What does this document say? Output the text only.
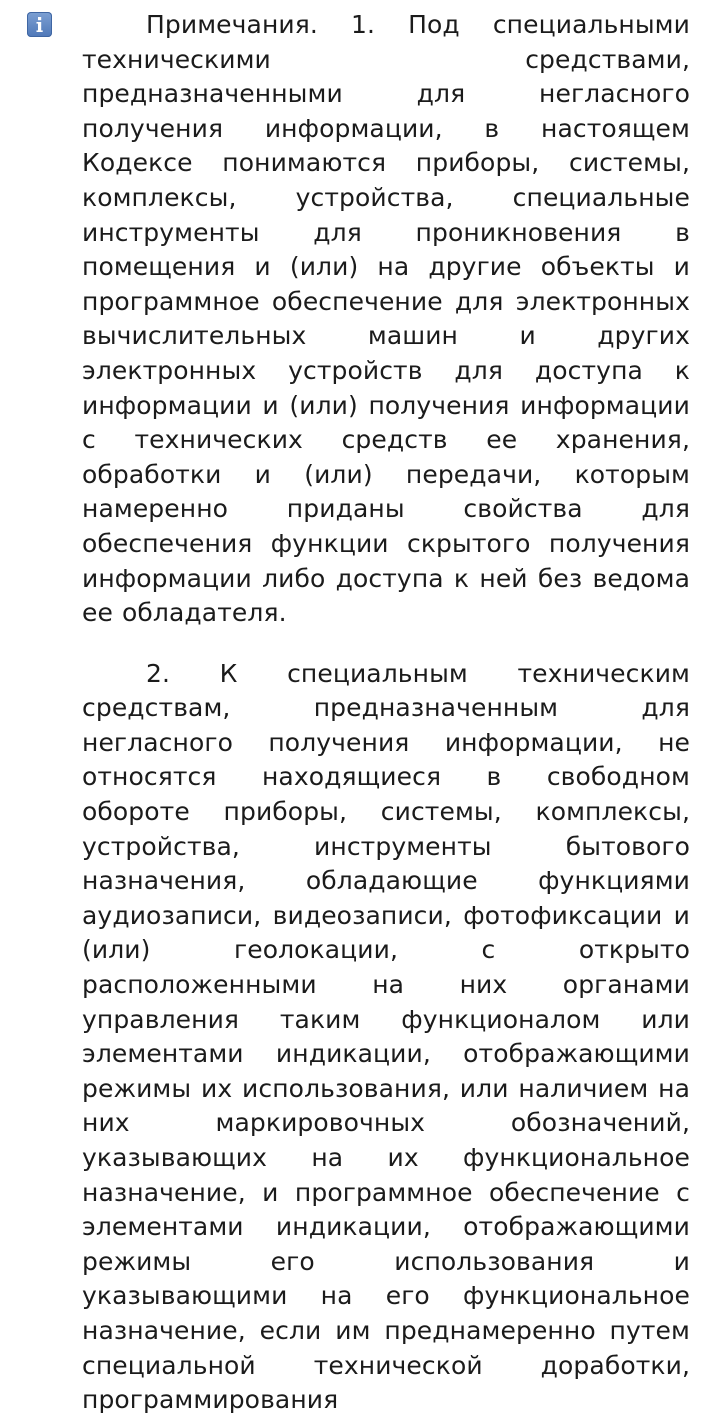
Примечания. 1. Под специальными техническими средствами, предназначенными для негласного получения информации, в настоящем Кодексе понимаются приборы, системы, комплексы, устройства, специальные инструменты для проникновения в помещения и (или) на другие объекты и программное обеспечение для электронных вычислительных машин и других электронных устройств для доступа к информации и (или) получения информации с технических средств ее хранения, обработки и (или) передачи, которым намеренно приданы свойства для обеспечения функции скрытого получения информации либо доступа к ней без ведома ее обладателя.

2. К специальным техническим средствам, предназначенным для негласного получения информации, не относятся находящиеся в свободном обороте приборы, системы, комплексы, устройства, инструменты бытового назначения, обладающие функциями аудиозаписи, видеозаписи, фотофиксации и (или) геолокации, с открыто расположенными на них органами управления таким функционалом или элементами индикации, отображающими режимы их использования, или наличием на них маркировочных обозначений, указывающих на их функциональное назначение, и программное обеспечение с элементами индикации, отображающими режимы его использования и указывающими на его функциональное назначение, если им преднамеренно путем специальной технической доработки, программирования
